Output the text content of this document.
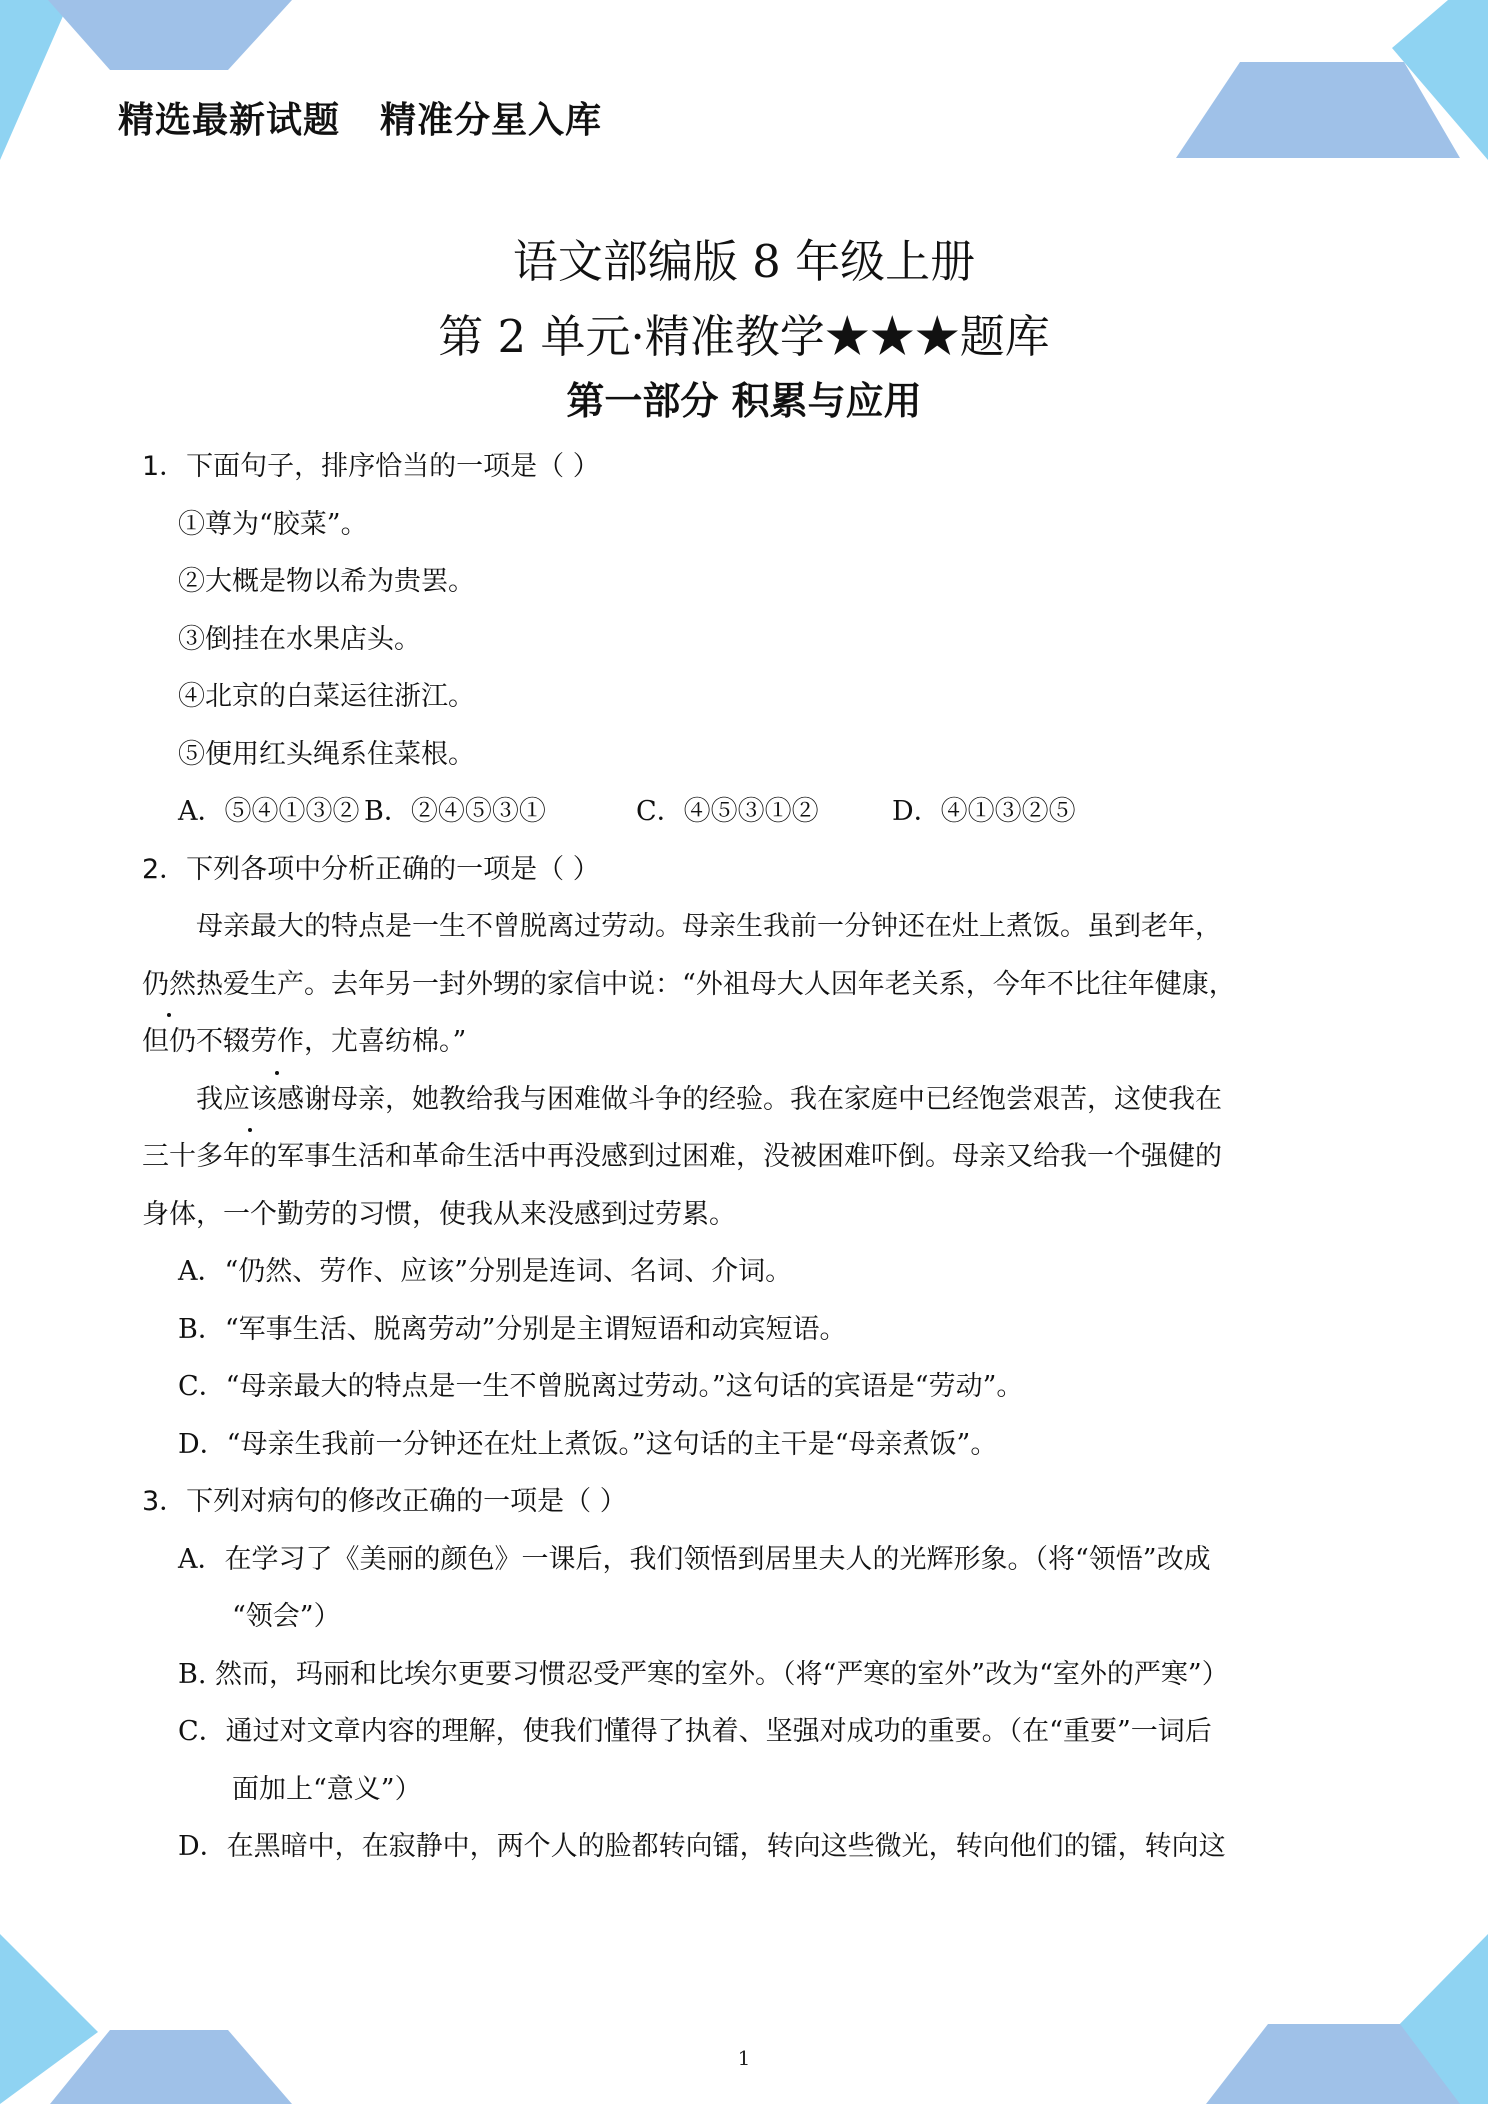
精选最新试题 精准分星入库
语文部编版 8 年级上册
第 2 单元·精准教学★★★题库
第一部分 积累与应用
1．下面句子，排序恰当的一项是（ ）
①尊为“胶菜”。
②大概是物以希为贵罢。
③倒挂在水果店头。
④北京的白菜运往浙江。
⑤便用红头绳系住菜根。
A．⑤④①③② B．②④⑤③①	C．④⑤③①②	D．④①③②⑤
2．下列各项中分析正确的一项是（ ）
母亲最大的特点是一生不曾脱离过劳动。母亲生我前一分钟还在灶上煮饭。虽到老年，
仍然热爱生产。去年另一封外甥的家信中说：“外祖母大人因年老关系，今年不比往年健康，
但仍不辍劳作，尤喜纺棉。”
我应该感谢母亲，她教给我与困难做斗争的经验。我在家庭中已经饱尝艰苦，这使我在
三十多年的军事生活和革命生活中再没感到过困难，没被困难吓倒。母亲又给我一个强健的
身体，一个勤劳的习惯，使我从来没感到过劳累。
A．“仍然、劳作、应该”分别是连词、名词、介词。
B．“军事生活、脱离劳动”分别是主谓短语和动宾短语。
C．“母亲最大的特点是一生不曾脱离过劳动。”这句话的宾语是“劳动”。
D．“母亲生我前一分钟还在灶上煮饭。”这句话的主干是“母亲煮饭”。
3．下列对病句的修改正确的一项是（ ）
A．在学习了《美丽的颜色》一课后，我们领悟到居里夫人的光辉形象。（将“领悟”改成
“领会”）
B. 然而，玛丽和比埃尔更要习惯忍受严寒的室外。（将“严寒的室外”改为“室外的严寒”）
C．通过对文章内容的理解，使我们懂得了执着、坚强对成功的重要。（在“重要”一词后
面加上“意义”）
D．在黑暗中，在寂静中，两个人的脸都转向镭，转向这些微光，转向他们的镭，转向这
1
